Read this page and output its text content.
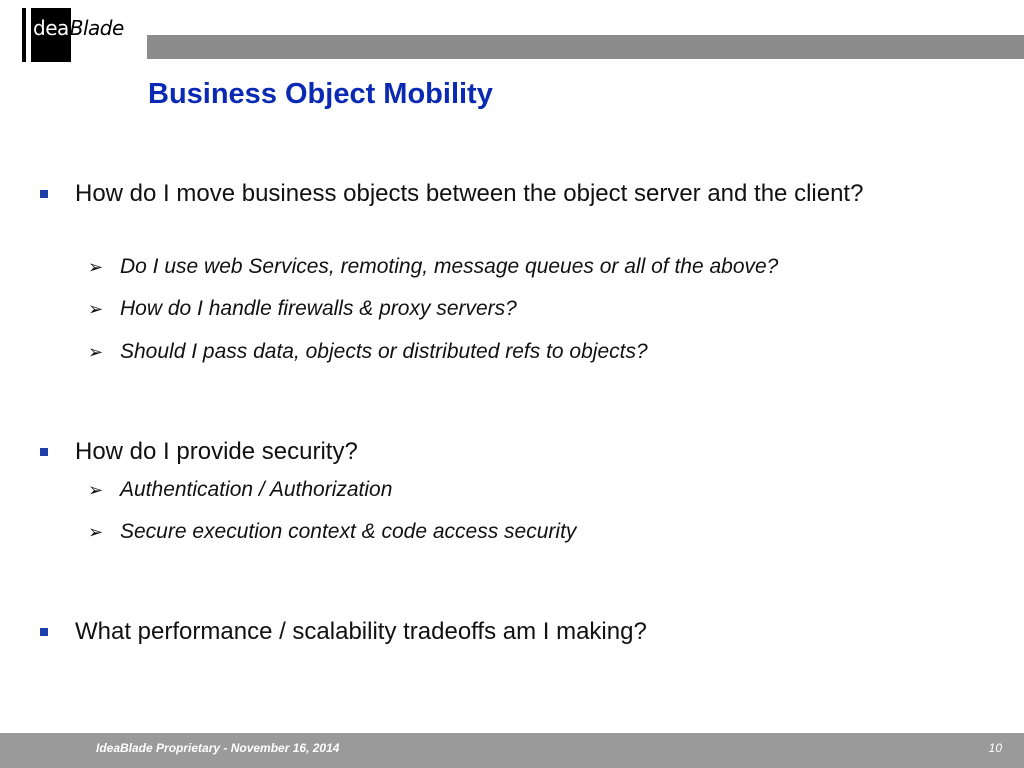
deaBlade
Business Object Mobility
How do I move business objects between the object server and the client?
➢ Do I use web Services, remoting, message queues or all of the above?
➢ How do I handle firewalls & proxy servers?
➢ Should I pass data, objects or distributed refs to objects?
How do I provide security?
➢ Authentication / Authorization
➢ Secure execution context & code access security
What performance / scalability tradeoffs am I making?
IdeaBlade Proprietary - November 16, 2014	10
